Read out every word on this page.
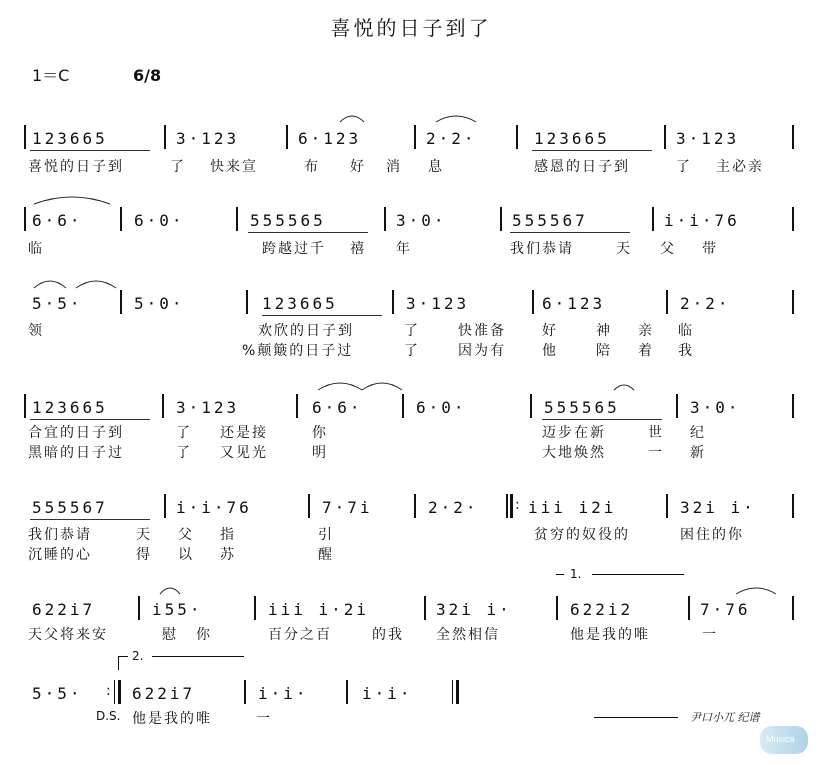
喜悦的日子到了
1＝C	6/8
123665	3·123	6·123	2·2·	123665	3·123
喜悦的日子到	了 快来宣	布 好 消 息	感恩的日子到	了 主必亲
6·6·	6·0·	555565	3·0·	555567	i·i·76
临	跨越过千 禧 年	我们恭请	天 父 带
5·5·	5·0·	123665	3·123	6·123	2·2·
领	欢欣的日子到	了	快准备	好	神 亲 临
%颠簸的日子过	了	因为有	他	陪 着 我
123665	3·123	6·6·	6·0·	555565	3·0·
合宜的日子到	了 还是接	你	迈步在新	世 纪
黑暗的日子过	了 又见光	明	大地焕然	一 新
555567	i·i·76	7·7i	2·2·	: iii i2i	32i i·
我们恭请	天 父 指	引	贫穷的奴役的	困住的你
沉睡的心	得 以 苏	醒
1.
622i7	i55·	iii i·2i	32i i·	622i2	7·76
天父将来安	慰 你	百分之百	的我 全然相信	他是我的唯	一
2.
5·5· : 622i7	i·i·	i·i·
D.S. 他是我的唯	一	尹口小兀 纪谱
Musica
